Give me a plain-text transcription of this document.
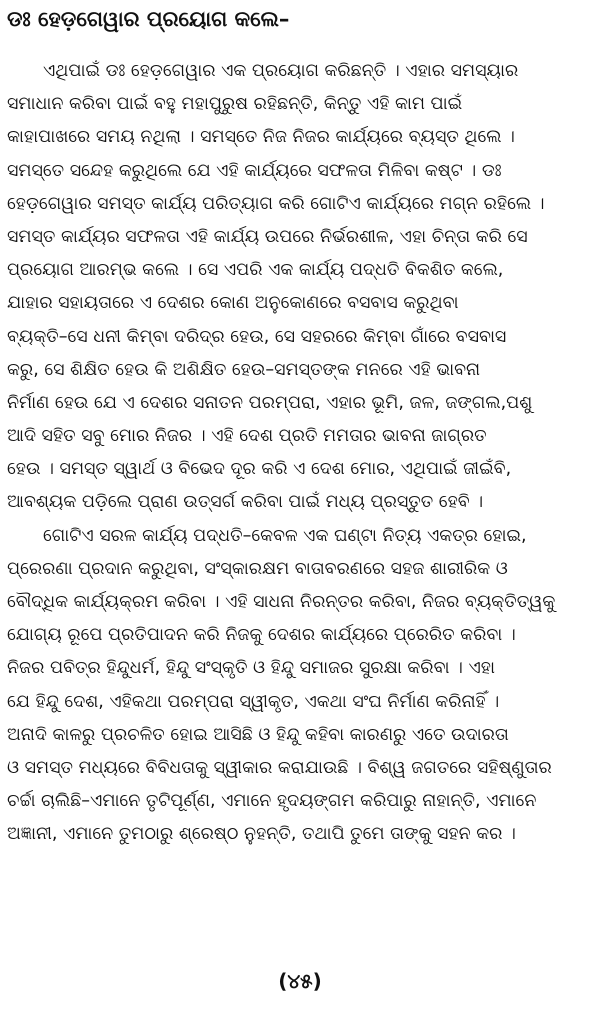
ଡଃ ହେଡ଼ଗେୱାର ପ୍ରୟୋଗ କଲେ–
ଏଥିପାଇଁ ଡଃ ହେଡ଼ଗେୱାର ଏକ ପ୍ରୟୋଗ କରିଛନ୍ତି । ଏହାର ସମସ୍ୟାର
ସମାଧାନ କରିବା ପାଇଁ ବହୁ ମହାପୁରୁଷ ରହିଛନ୍ତି, କିନ୍ତୁ ଏହି କାମ ପାଇଁ
କାହାପାଖରେ ସମୟ ନଥିଲା । ସମସ୍ତେ ନିଜ ନିଜର କାର୍ଯ୍ୟରେ ବ୍ୟସ୍ତ ଥିଲେ ।
ସମସ୍ତେ ସନ୍ଦେହ କରୁଥିଲେ ଯେ ଏହି କାର୍ଯ୍ୟରେ ସଫଳତା ମିଳିବା କଷ୍ଟ । ଡଃ
ହେଡ଼ଗେୱାର ସମସ୍ତ କାର୍ଯ୍ୟ ପରିତ୍ୟାଗ କରି ଗୋଟିଏ କାର୍ଯ୍ୟରେ ମଗ୍ନ ରହିଲେ ।
ସମସ୍ତ କାର୍ଯ୍ୟର ସଫଳତା ଏହି କାର୍ଯ୍ୟ ଉପରେ ନିର୍ଭରଶୀଳ, ଏହା ଚିନ୍ତା କରି ସେ
ପ୍ରୟୋଗ ଆରମ୍ଭ କଲେ । ସେ ଏପରି ଏକ କାର୍ଯ୍ୟ ପଦ୍ଧତି ବିକଶିତ କଲେ,
ଯାହାର ସହାୟତାରେ ଏ ଦେଶର କୋଣ ଅନୁକୋଣରେ ବସବାସ କରୁଥିବା
ବ୍ୟକ୍ତି–ସେ ଧନୀ କିମ୍ବା ଦରିଦ୍ର ହେଉ, ସେ ସହରରେ କିମ୍ବା ଗାଁରେ ବସବାସ
କରୁ, ସେ ଶିକ୍ଷିତ ହେଉ କି ଅଶିକ୍ଷିତ ହେଉ–ସମସ୍ତଙ୍କ ମନରେ ଏହି ଭାବନା
ନିର୍ମାଣ ହେଉ ଯେ ଏ ଦେଶର ସନାତନ ପରମ୍ପରା, ଏହାର ଭୂମି, ଜଳ, ଜଙ୍ଗଲ,ପଶୁ
ଆଦି ସହିତ ସବୁ ମୋର ନିଜର । ଏହି ଦେଶ ପ୍ରତି ମମତାର ଭାବନା ଜାଗ୍ରତ
ହେଉ । ସମସ୍ତ ସ୍ୱାର୍ଥ ଓ ବିଭେଦ ଦୂର କରି ଏ ଦେଶ ମୋର, ଏଥିପାଇଁ ଜୀଇଁବି,
ଆବଶ୍ୟକ ପଡ଼ିଲେ ପ୍ରାଣ ଉତ୍ସର୍ଗ କରିବା ପାଇଁ ମଧ୍ୟ ପ୍ରସ୍ତୁତ ହେବି ।
ଗୋଟିଏ ସରଳ କାର୍ଯ୍ୟ ପଦ୍ଧତି–କେବଳ ଏକ ଘଣ୍ଟା ନିତ୍ୟ ଏକତ୍ର ହୋଇ,
ପ୍ରେରଣା ପ୍ରଦାନ କରୁଥିବା, ସଂସ୍କାରକ୍ଷମ ବାତାବରଣରେ ସହଜ ଶାରୀରିକ ଓ
ବୌଦ୍ଧିକ କାର୍ଯ୍ୟକ୍ରମ କରିବା । ଏହି ସାଧନା ନିରନ୍ତର କରିବା, ନିଜର ବ୍ୟକ୍ତିତ୍ୱକୁ
ଯୋଗ୍ୟ ରୂପେ ପ୍ରତିପାଦନ କରି ନିଜକୁ ଦେଶର କାର୍ଯ୍ୟରେ ପ୍ରେରିତ କରିବା ।
ନିଜର ପବିତ୍ର ହିନ୍ଦୁଧର୍ମ, ହିନ୍ଦୁ ସଂସ୍କୃତି ଓ ହିନ୍ଦୁ ସମାଜର ସୁରକ୍ଷା କରିବା । ଏହା
ଯେ ହିନ୍ଦୁ ଦେଶ, ଏହିକଥା ପରମ୍ପରା ସ୍ୱୀକୃତ, ଏକଥା ସଂଘ ନିର୍ମାଣ କରିନାହିଁ ।
ଅନାଦି କାଳରୁ ପ୍ରଚଳିତ ହୋଇ ଆସିଛି ଓ ହିନ୍ଦୁ କହିବା କାରଣରୁ ଏତେ ଉଦାରତା
ଓ ସମସ୍ତ ମଧ୍ୟରେ ବିବିଧତାକୁ ସ୍ୱୀକାର କରାଯାଉଛି । ବିଶ୍ୱ ଜଗତରେ ସହିଷ୍ଣୁତାର
ଚର୍ଚ୍ଚା ଚାଲିଛି–ଏମାନେ ତୃଟିପୂର୍ଣ୍ଣ, ଏମାନେ ହୃଦୟଙ୍ଗମ କରିପାରୁ ନାହାନ୍ତି, ଏମାନେ
ଅଜ୍ଞାନୀ, ଏମାନେ ତୁମଠାରୁ ଶ୍ରେଷ୍ଠ ନୁହନ୍ତି, ତଥାପି ତୁମେ ତାଙ୍କୁ ସହନ କର ।
(୪୫)
